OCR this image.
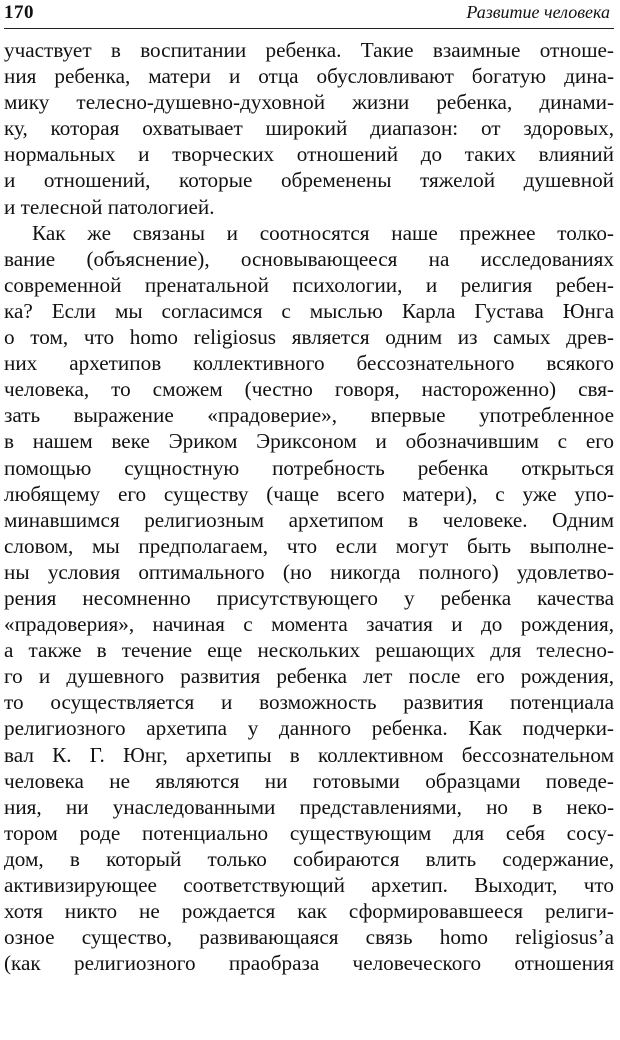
170	Развитие человека

участвует в воспитании ребенка. Такие взаимные отноше-
ния ребенка, матери и отца обусловливают богатую дина-
мику телесно-душевно-духовной жизни ребенка, динами-
ку, которая охватывает широкий диапазон: от здоровых,
нормальных и творческих отношений до таких влияний
и отношений, которые обременены тяжелой душевной
и телесной патологией.

Как же связаны и соотносятся наше прежнее толко-
вание (объяснение), основывающееся на исследованиях
современной пренатальной психологии, и религия ребен-
ка? Если мы согласимся с мыслью Карла Густава Юнга
о том, что homo religiosus является одним из самых древ-
них архетипов коллективного бессознательного всякого
человека, то сможем (честно говоря, настороженно) свя-
зать выражение «прадоверие», впервые употребленное
в нашем веке Эриком Эриксоном и обозначившим с его
помощью сущностную потребность ребенка открыться
любящему его существу (чаще всего матери), с уже упо-
минавшимся религиозным архетипом в человеке. Одним
словом, мы предполагаем, что если могут быть выполне-
ны условия оптимального (но никогда полного) удовлетво-
рения несомненно присутствующего у ребенка качества
«прадоверия», начиная с момента зачатия и до рождения,
а также в течение еще нескольких решающих для телесно-
го и душевного развития ребенка лет после его рождения,
то осуществляется и возможность развития потенциала
религиозного архетипа у данного ребенка. Как подчерки-
вал К. Г. Юнг, архетипы в коллективном бессознательном
человека не являются ни готовыми образцами поведе-
ния, ни унаследованными представлениями, но в неко-
тором роде потенциально существующим для себя сосу-
дом, в который только собираются влить содержание,
активизирующее соответствующий архетип. Выходит, что
хотя никто не рождается как сформировавшееся религи-
озное существо, развивающаяся связь homo religiosus’a
(как религиозного праобраза человеческого отношения
